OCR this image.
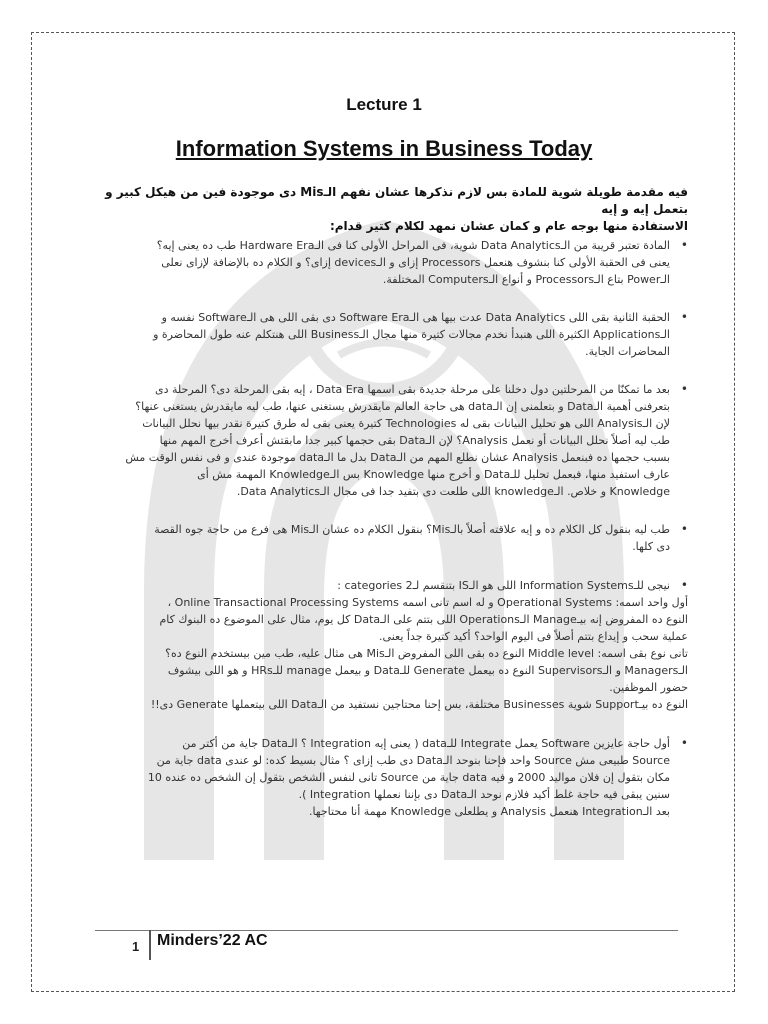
Lecture 1
Information Systems in Business Today
فيه مقدمة طويلة شوية للمادة بس لازم نذكرها عشان نفهم الـMis دى موجودة فين من هيكل كبير و بتعمل إيه و إيه
الاستفادة منها بوجه عام و كمان عشان نمهد لكلام كتير قدام:
•
المادة تعتبر قريبة من الـData Analytics شوية، فى المراحل الأولى كنا فى الـHardware Era طب ده يعنى إيه؟
يعنى فى الحقبة الأولى كنا بنشوف هنعمل Processors إزاى و الـdevices إزاى؟ و الكلام ده بالإضافة لإزاى نعلى
الـPower بتاع الـProcessors و أنواع الـComputers المختلفة.
•
الحقبة الثانية بقى اللى Data Analytics عدت بيها هى الـSoftware Era دى بقى اللى هى الـSoftware نفسه و
الـApplications الكثيرة اللى هنبدأ نخدم مجالات كتيرة منها مجال الـBusiness اللى هنتكلم عنه طول المحاضرة و
المحاضرات الجاية.
•
بعد ما تمكنّا من المرحلتين دول دخلنا على مرحلة جديدة بقى اسمها Data Era ، إيه بقى المرحلة دى؟ المرحلة دى
بتعرفنى أهمية الـData و بتعلمنى إن الـdata هى حاجة العالم مايقدرش يستغنى عنها، طب ليه مايقدرش يستغنى عنها؟
لإن الـAnalysis اللى هو تحليل البيانات بقى له Technologies كتيرة يعنى بقى له طرق كتيرة نقدر بيها نحلل البيانات
طب ليه أصلاً نحلل البيانات أو نعمل Analysis؟ لإن الـData بقى حجمها كبير جدا مابقتش أعرف أخرج المهم منها
بسبب حجمها ده فبنعمل Analysis عشان نطلع المهم من الـData بدل ما الـdata موجودة عندى و فى نفس الوقت مش
عارف استفيد منها، فبعمل تحليل للـData و أخرج منها Knowledge بس الـKnowledge المهمة مش أى
Knowledge و خلاص. الـknowledge اللى طلعت دى بتفيد جدا فى مجال الـData Analytics.
•
طب ليه بنقول كل الكلام ده و إيه علاقته أصلاً بالـMis؟ بنقول الكلام ده عشان الـMis هى فرع من حاجة جوه القصة
دى كلها.
•
نيجى للـInformation Systems اللى هو الـIS بتنقسم لـ2 categories :
أول واحد اسمه: Operational Systems و له اسم تانى اسمه Online Transactional Processing Systems ،
النوع ده المفروض إنه بيـManage الـOperations اللى بتتم على الـData كل يوم، مثال على الموضوع ده البنوك كام
عملية سحب و إيداع بتتم أصلاً فى اليوم الواحد؟ أكيد كتيرة جداً يعنى.
تانى نوع بقى اسمه: Middle level النوع ده بقى اللى المفروض الـMis هى مثال عليه، طب مين بيستخدم النوع ده؟
الـManagers و الـSupervisors النوع ده بيعمل Generate للـData و بيعمل manage للـHRs و هو اللى بيشوف
حضور الموظفين.
النوع ده بيـSupport شوية Businesses مختلفة، بس إحنا محتاجين نستفيد من الـData اللى بيتعملها Generate دى!!
•
أول حاجة عايزين Software يعمل Integrate للـdata ( يعنى إيه Integration ؟ الـData جاية من أكتر من
Source طبيعى مش Source واحد فإحنا بنوحد الـData دى طب إزاى ؟ مثال بسيط كده: لو عندى data جاية من
مكان بتقول إن فلان مواليد 2000 و فيه data جاية من Source تانى لنفس الشخص بتقول إن الشخص ده عنده 10
سنين يبقى فيه حاجة غلط أكيد فلازم نوحد الـData دى بإننا نعملها Integration ).
بعد الـIntegration هنعمل Analysis و يطلعلى Knowledge مهمة أنا محتاجها.
1 Minders’22 AC
